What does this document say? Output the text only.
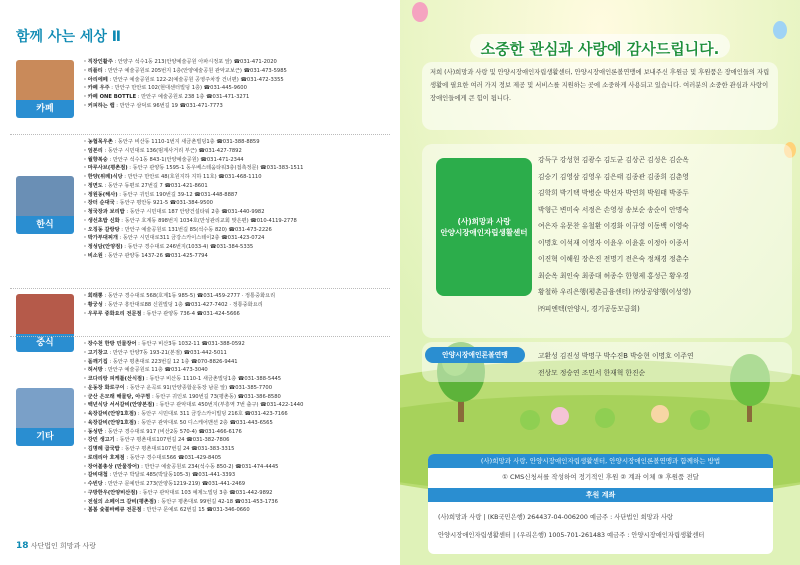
함께 사는 세상 Ⅱ
카페
· 직장인활주 : 안양구 석수1동 213(안양예술공원 아파시정포 앞) ☎031-471-2020
· 리플티 : 만안구 예술공원로 205번지 1층(안양예술공원 관악교보근) ☎031-473-5985
· 아리에떼 : 만안구 예술공원로 122-2(예술공원 공영주차장 건너편) ☎031-472-3355
· 카페 우주 : 만안구 만안로 102(현대센터빌딩 1층) ☎031-445-9600
· 카페 ONE BOTTLE : 만안구 예술공원로 238 1층 ☎031-471-3271
· 커피하는 랩 : 만안구 삼덕로 96번길 19 ☎031-471-7773
한식
· 농협목우촌 : 동안구 비산동 1110-1번지 새금촌빌딩1층 ☎031-388-8859
· 엄본리 : 동안구 시민대로 136(범계사거리 부근) ☎031-427-7892
· 월향복숭 : 만안구 석수1동 843-1(안양예술공원) ☎031-471-2344
· 마루사브(평촌점) : 동안구 관양동 1595-1 동우베스테움타워3층(접촉정문) ☎031-383-1511
· 한양(위례)식당 : 만안구 만안로 48(호원지하 지하 11호) ☎031-468-1110
· 정면도 : 동안구 동편로 27번길 7 ☎031-421-8601
· 정원동(해사) : 동안구 귀인로 190번길 39-12 ☎031-448-8887
· 장터 순대국 : 동안구 평안동 921-5 ☎031-384-9500
· 청국장과 보리밥 : 동안구 시민대로 187 안양건설타워 2층 ☎031-440-9982
· 생선초밥 신화 : 동안구 호계동 898번지 1034호(만성관리교회 맞은편) ☎010-4119-2778
· 오징동 갈랑탕 : 만안구 예술공원로 131번길 85(석수동 820) ☎031-473-2226
· 박가부대찌개 : 동안구 시민대로311 금강스카이스테이2층 ☎031-423-0724
· 정성담(안양점) : 동안구 경수대로 246번지(1033-4) ☎031-384-5335
· 비소원 : 동안구 관양동 1437-26 ☎031-425-7794
중식
· 회래뽕 : 동안구 경수대로 568(호계1동 985-5) ☎031-459-2777 · 정통중화요리
· 황궁성 : 동안구 흥안대로88 신원빌딩 1층 ☎031-427-7402 · 정통중화요리
· 우루루 중화요리 전문점 : 동안구 관양동 736-4 ☎031-424-5666
기타
· 장수천 한방 민물장어 : 동안구 비산3동 1032-11 ☎031-388-0592
· 고기창고 : 만안구 안양7동 193-21(본점) ☎031-442-5011
· 돌깨기집 : 동안구 평촌대로 223번길 12 1층 ☎070-8826-9441
· 허서방 : 만안구 예술공원로 11층 ☎031-473-3040
· 코다리랑 피케틀(산식점) : 동안구 비산동 1110-1 새금촌빌딩1층 ☎031-388-5445
· 운동장 화로구이 : 동안구 운곡로 91(안양종합운동장 남문 앞) ☎031-385-7700
· 군산 은모래 해물탕, 아구찜 : 동안구 귀인로 190번길 73(평촌동) ☎031-386-8580
· 백년식당 서서갈비(안양본점) : 동안구 관악대로 450번지(부흥역 7번 출구) ☎031-422-1440
· 육장갈비(안양1호점) : 동안구 시민대로 311 금강스카이빌딩 216호 ☎031-423-7166
· 육장갈비(안양1호점) : 동안구 관악대로 50 디스케어맨션 2층 ☎031-443-6565
· 동성반 : 동안구 경수대로 917 (비산2동 570-4) ☎031-466-6176
· 강민 생고기 : 동안구 평촌대로107번길 24 ☎031-382-7806
· 김명례 곱국밥 : 동안구 평촌대로107번길 24 ☎031-383-3315
· 로데리아 호계점 : 동안구 경수대로566 ☎031-429-8405
· 장어볼총상 (만물장어) : 만안구 예술공원로 234(석수동 850-2) ☎031-474-4445
· 갈비대첩 : 만안구 박달로 485(박달동105-3) ☎031-441-3393
· 수빈당 : 만안구 문예안로 273(안양동1219-219) ☎031-441-2469
· 구방한우(안양비산점) : 동안구 관악대로 103 예제노빌딩 3층 ☎031-442-9892
· 전설의 소떼이크 갈비(평촌점) : 동안구 평촌대로 99번길 42-18 ☎031-453-1736
· 봄봄 숯불바베큐 전문점 : 만안구 문예로 62번길 15 ☎031-346-0660
18 사단법인 희망과 사랑
소중한 관심과 사랑에 감사드립니다.
저희 (사)희망과 사랑 및 안양시장애인자립생활센터, 안양시장애인론볼연맹에 보내주신 후원금 및 후원품은 장애인들의 자립생활에 필요한 여러 가지 정보 제공 및 서비스를 지원하는 곳에 소중하게 사용되고 있습니다. 여러분의 소중한 관심과 사랑이 장애인들에게 큰 힘이 됩니다.
(사)희망과 사랑
안양시장애인자립생활센터
강득구 강성현 김광수 김도균 김상곤 김성은 김순옥
김승기 김영삼 김영우 김은태 김종관 김종희 김춘영
김학희 박기택 박병순 박선자 박연희 박원태 박종두
박형근 변미숙 서정은 손영성 송보순 송순이 안명숙
여은자 유문찬 유철환 이경화 이규영 이동백 이영숙
이명호 이석재 이영자 이윤우 이윤훈 이정아 이종서
이진혁 이해원 장은진 전명기 전은숙 정채경 정춘수
최순옥 최인숙 최종대 허종수 한형제 홍성근 황우경
황철하 우리은행(평촌금융센터) ㈜상공양행(이성영)
㈜피엔텍(안양시, 경기공동모금회)
안양시장애인론볼연맹	고환성 김진성 박명구 박수진B 박승현 이명호 이주연
전상모 정승연 조민서 한재혁 한진순
(사)희망과 사랑, 안양시장애인자립생활센터, 안양시장애인론볼연맹과 함께하는 방법
① CMS신청서를 작성하여 정기적인 후원 ② 계좌 이체 ③ 후원품 전달
후원 계좌
(사)희망과 사랑 | (KB국민은행) 264437-04-006200 예금주 : 사단법인 희망과 사랑
안양시장애인자립생활센터 | (우리은행) 1005-701-261483 예금주 : 안양시장애인자립생활센터
